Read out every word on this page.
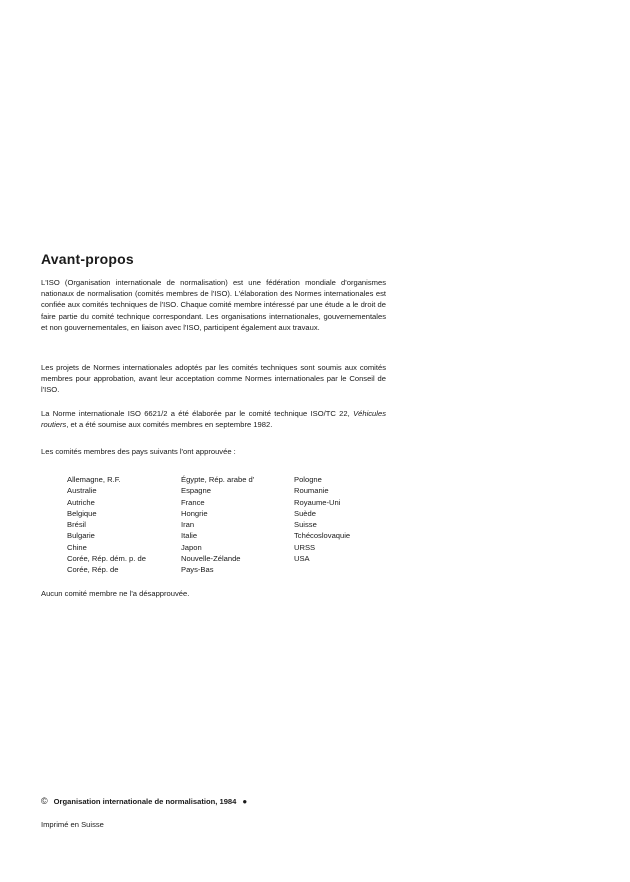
Avant-propos

L'ISO (Organisation internationale de normalisation) est une fédération mondiale d'organismes nationaux de normalisation (comités membres de l'ISO). L'élaboration des Normes internationales est confiée aux comités techniques de l'ISO. Chaque comité membre intéressé par une étude a le droit de faire partie du comité technique correspondant. Les organisations internationales, gouvernementales et non gouvernementales, en liaison avec l'ISO, participent également aux travaux.

Les projets de Normes internationales adoptés par les comités techniques sont soumis aux comités membres pour approbation, avant leur acceptation comme Normes internationales par le Conseil de l'ISO.

La Norme internationale ISO 6621/2 a été élaborée par le comité technique ISO/TC 22, Véhicules routiers, et a été soumise aux comités membres en septembre 1982.

Les comités membres des pays suivants l'ont approuvée :

Allemagne, R.F.
Australie
Autriche
Belgique
Brésil
Bulgarie
Chine
Corée, Rép. dém. p. de
Corée, Rép. de
Égypte, Rép. arabe d'
Espagne
France
Hongrie
Iran
Italie
Japon
Nouvelle-Zélande
Pays-Bas
Pologne
Roumanie
Royaume-Uni
Suède
Suisse
Tchécoslovaquie
URSS
USA

Aucun comité membre ne l'a désapprouvée.

© Organisation internationale de normalisation, 1984 ●

Imprimé en Suisse
